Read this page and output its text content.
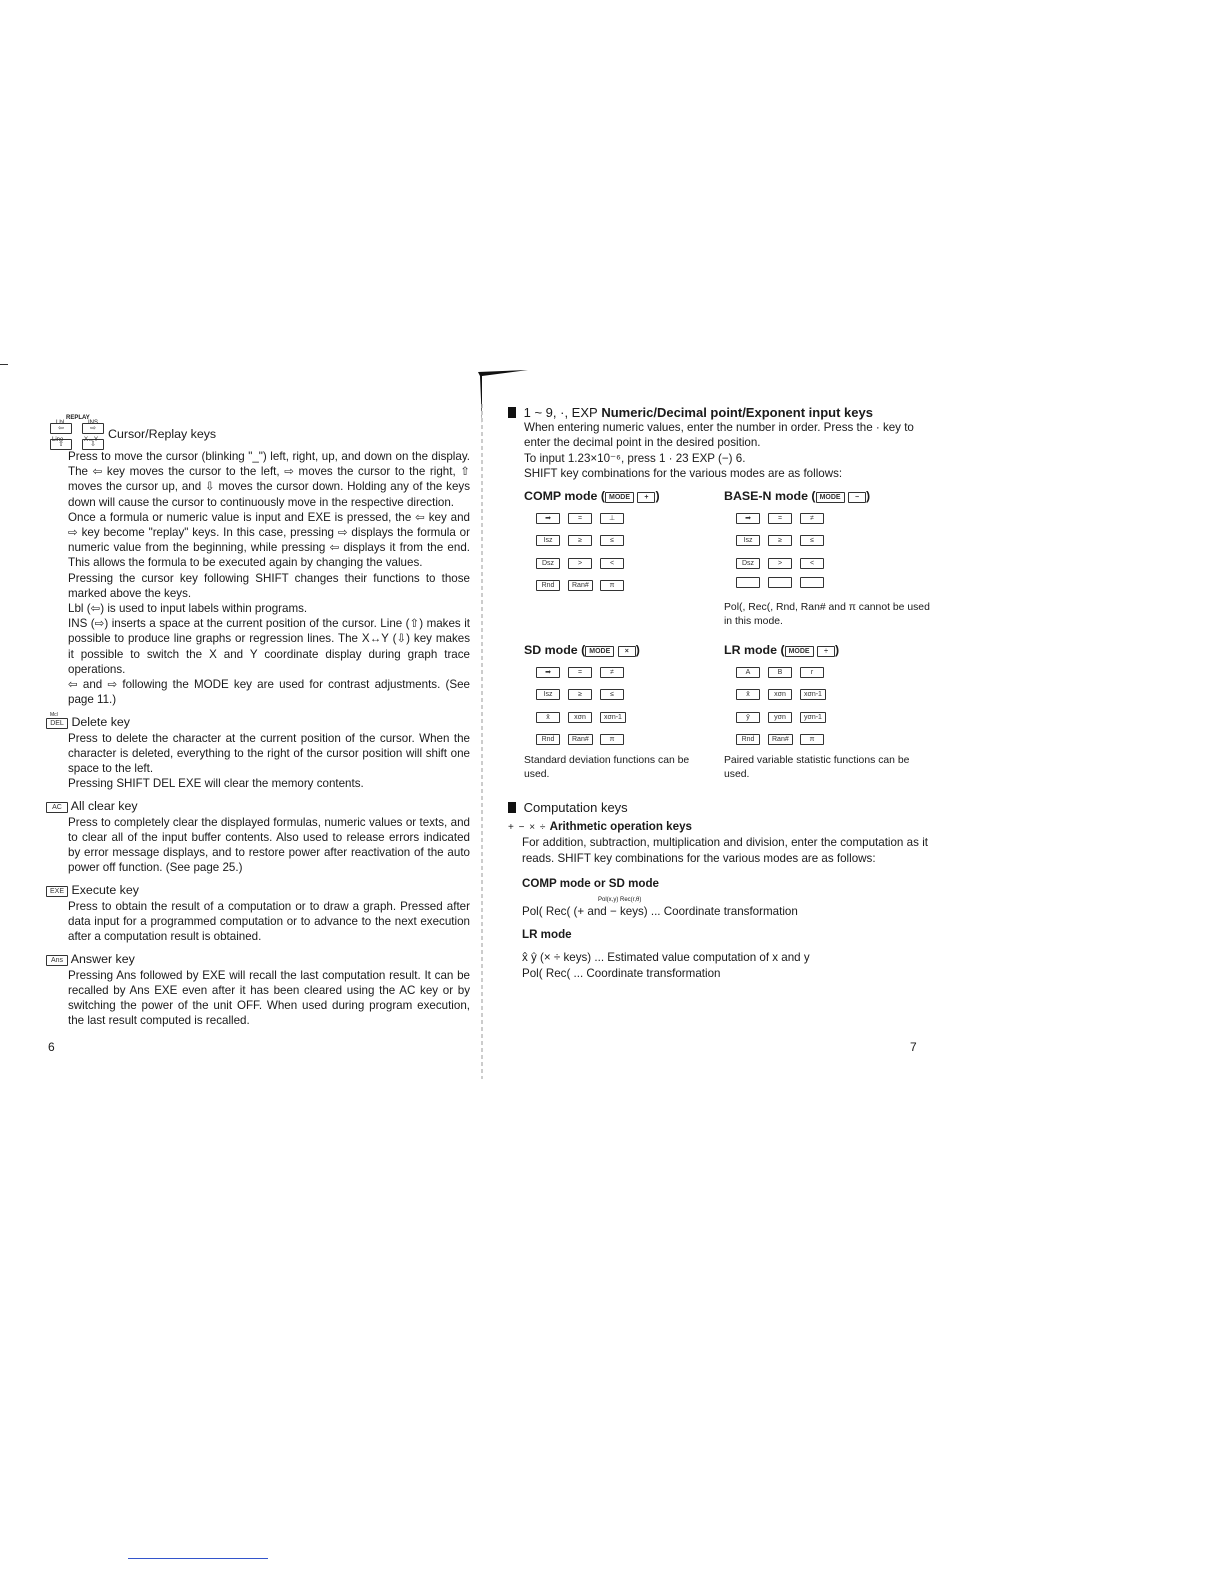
REPLAY
Lbl	INS
⇦	⇨
Line	X↔Y
⇧	⇩
Cursor/Replay keys

Press to move the cursor (blinking "_") left, right, up, and down on the display. The ⇦ key moves the cursor to the left, ⇨ moves the cursor to the right, ⇧ moves the cursor up, and ⇩ moves the cursor down. Holding any of the keys down will cause the cursor to continuously move in the respective direction.

Once a formula or numeric value is input and EXE is pressed, the ⇦ key and ⇨ key become "replay" keys. In this case, pressing ⇨ displays the formula or numeric value from the beginning, while pressing ⇦ displays it from the end. This allows the formula to be executed again by changing the values.

Pressing the cursor key following SHIFT changes their functions to those marked above the keys.

Lbl (⇦) is used to input labels within programs.

INS (⇨) inserts a space at the current position of the cursor. Line (⇧) makes it possible to produce line graphs or regression lines. The X↔Y (⇩) key makes it possible to switch the X and Y coordinate display during graph trace operations.

⇦ and ⇨ following the MODE key are used for contrast adjustments. (See page 11.)

Mcl
DEL Delete key

Press to delete the character at the current position of the cursor. When the character is deleted, everything to the right of the cursor position will shift one space to the left.

Pressing SHIFT DEL EXE will clear the memory contents.

AC All clear key

Press to completely clear the displayed formulas, numeric values or texts, and to clear all of the input buffer contents. Also used to release errors indicated by error message displays, and to restore power after reactivation of the auto power off function. (See page 25.)

EXE Execute key

Press to obtain the result of a computation or to draw a graph. Pressed after data input for a programmed computation or to advance to the next execution after a computation result is obtained.

Ans Answer key

Pressing Ans followed by EXE will recall the last computation result. It can be recalled by Ans EXE even after it has been cleared using the AC key or by switching the power of the unit OFF. When used during program execution, the last result computed is recalled.

6
1 ~ 9, ·, EXP Numeric/Decimal point/Exponent input keys

When entering numeric values, enter the number in order. Press the · key to enter the decimal point in the desired position.

To input 1.23×10⁻⁶, press 1 · 23 EXP (−) 6.

SHIFT key combinations for the various modes are as follows:

COMP mode ( MODE + )
➡	=	⊥
Isz	≥	≤
Dsz	>	<
Rnd	Ran#	π
BASE-N mode ( MODE − )
➡	=	≠
Isz	≥	≤
Dsz	>	<
Pol(, Rec(, Rnd, Ran# and π cannot be used in this mode.
SD mode ( MODE × )
➡	=	≠
Isz	≥	≤
x̄	xσn	xσn-1
Rnd	Ran#	π
Standard deviation functions can be used.
LR mode ( MODE ÷ )
A	B	r
x̄	xσn	xσn-1
ȳ	yσn	yσn-1
Rnd	Ran#	π
Paired variable statistic functions can be used.
Computation keys
+ − × ÷ Arithmetic operation keys

For addition, subtraction, multiplication and division, enter the computation as it reads. SHIFT key combinations for the various modes are as follows:

COMP mode or SD mode
Pol(x,y) Rec(r,θ)
Pol( Rec( (+ and − keys) ... Coordinate transformation
LR mode
x̂ ŷ (× ÷ keys) ... Estimated value computation of x and y
Pol( Rec( ... Coordinate transformation
7
